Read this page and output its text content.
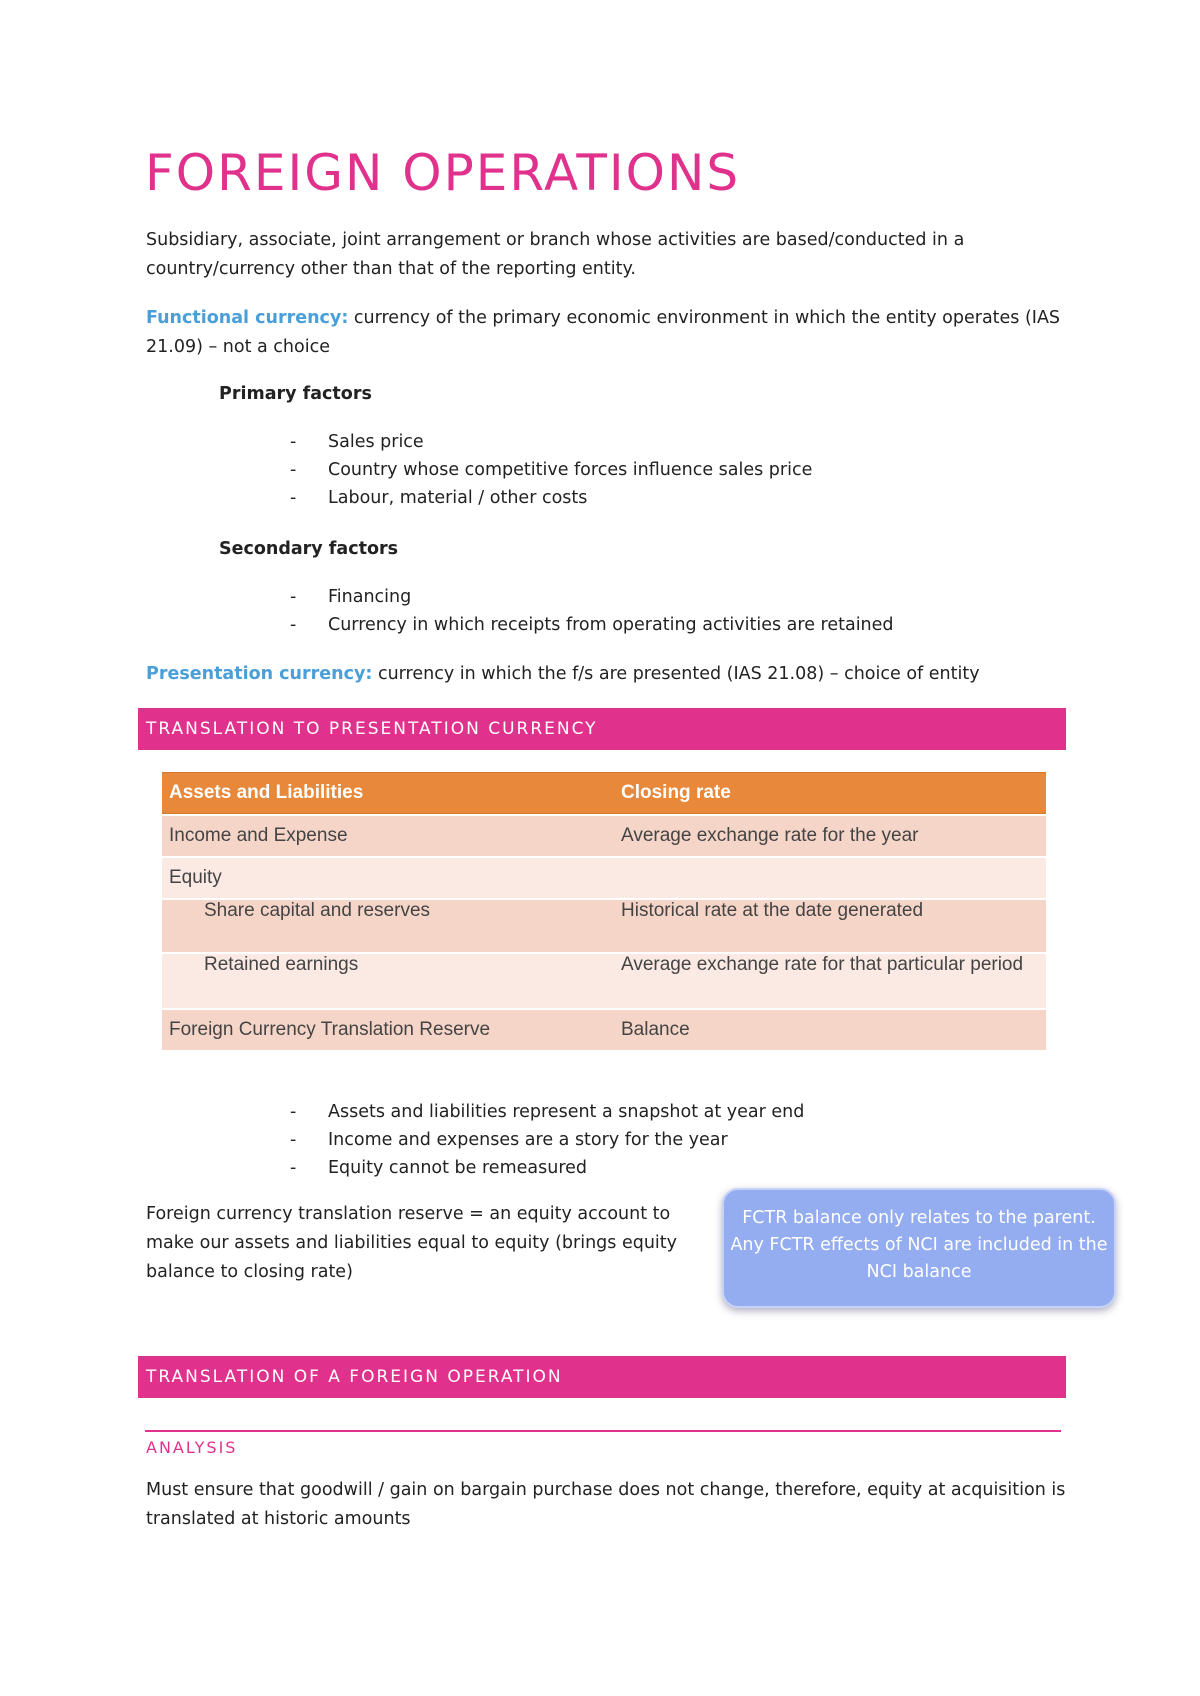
FOREIGN OPERATIONS

Subsidiary, associate, joint arrangement or branch whose activities are based/conducted in a country/currency other than that of the reporting entity.

Functional currency: currency of the primary economic environment in which the entity operates (IAS 21.09) – not a choice

Primary factors

- Sales price
- Country whose competitive forces influence sales price
- Labour, material / other costs

Secondary factors

- Financing
- Currency in which receipts from operating activities are retained

Presentation currency: currency in which the f/s are presented (IAS 21.08) – choice of entity

TRANSLATION TO PRESENTATION CURRENCY
Assets and Liabilities	Closing rate
Income and Expense	Average exchange rate for the year
Equity	
Share capital and reserves	Historical rate at the date generated
Retained earnings	Average exchange rate for that particular period
Foreign Currency Translation Reserve	Balance
- Assets and liabilities represent a snapshot at year end
- Income and expenses are a story for the year
- Equity cannot be remeasured

Foreign currency translation reserve = an equity account to make our assets and liabilities equal to equity (brings equity balance to closing rate)

FCTR balance only relates to the parent.
Any FCTR effects of NCI are included in the
NCI balance
TRANSLATION OF A FOREIGN OPERATION

ANALYSIS

Must ensure that goodwill / gain on bargain purchase does not change, therefore, equity at acquisition is translated at historic amounts
